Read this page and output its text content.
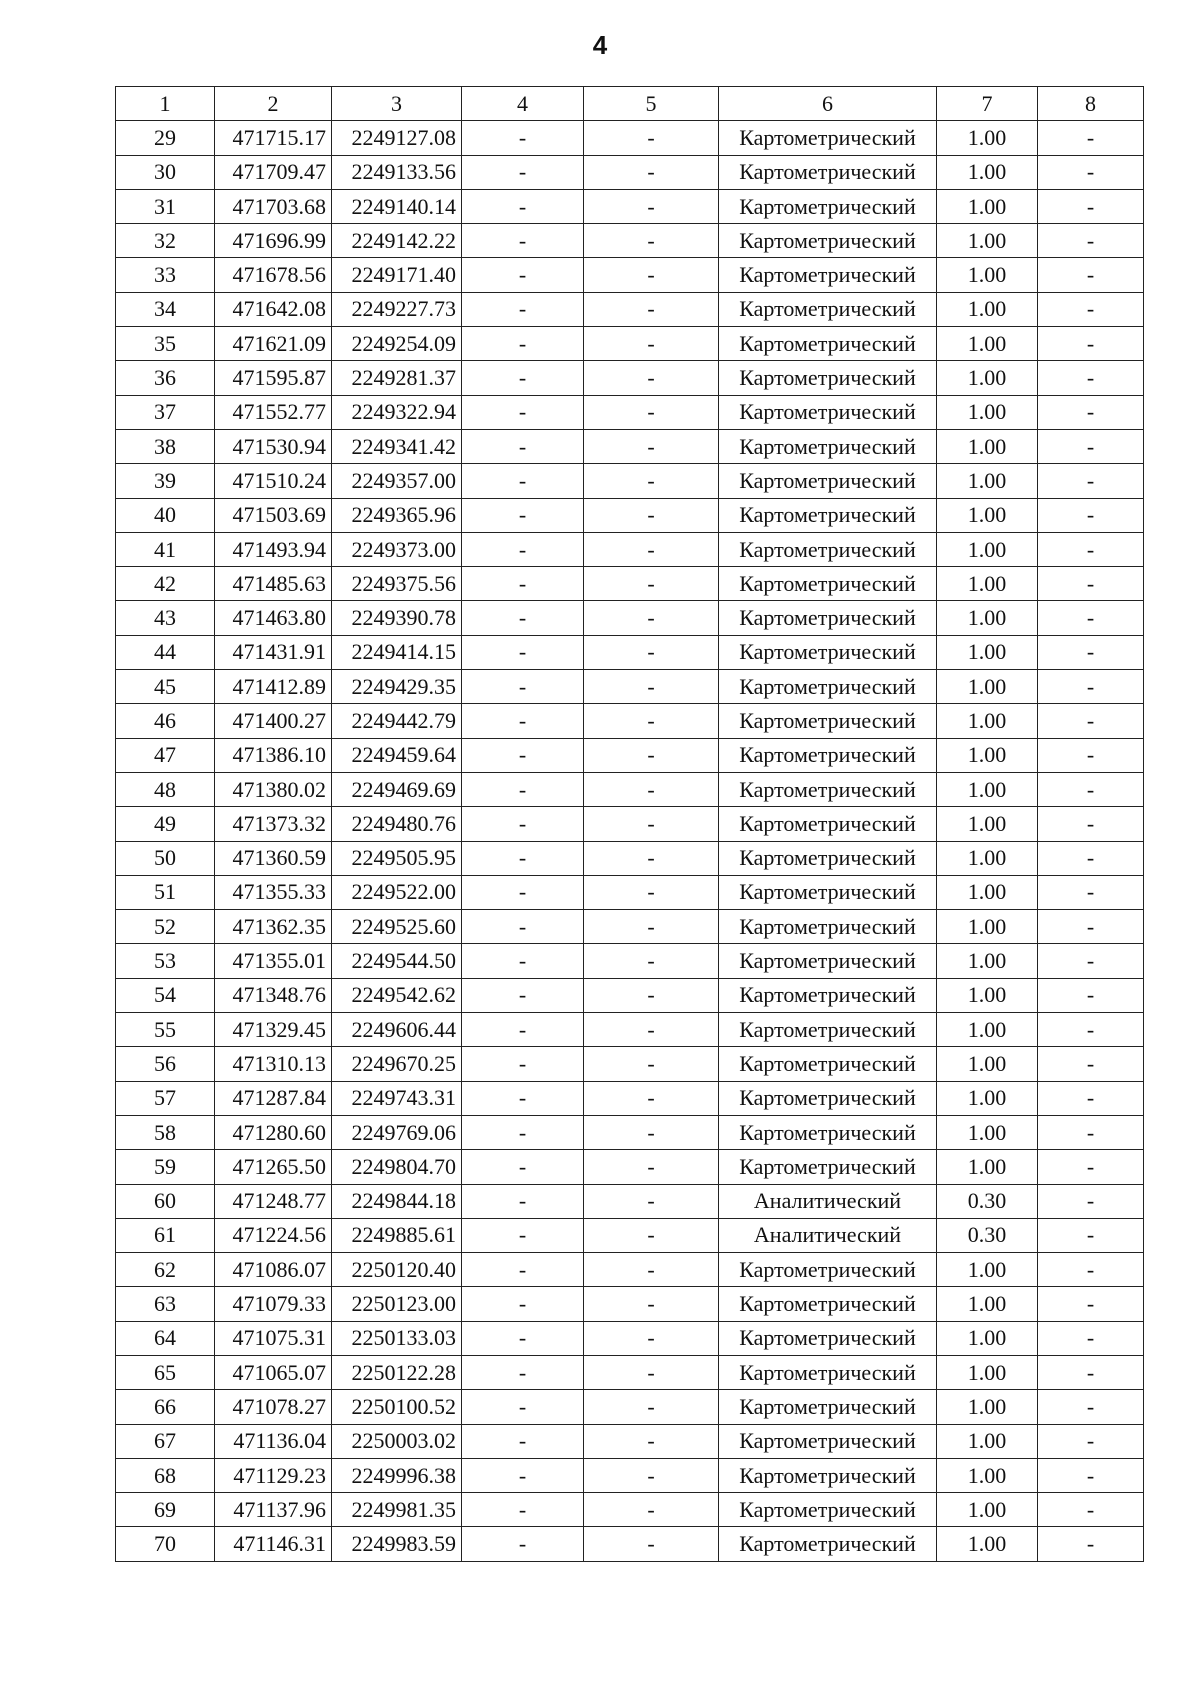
4
1	2	3	4	5	6	7	8
29	471715.17	2249127.08	-	-	Картометрический	1.00	-
30	471709.47	2249133.56	-	-	Картометрический	1.00	-
31	471703.68	2249140.14	-	-	Картометрический	1.00	-
32	471696.99	2249142.22	-	-	Картометрический	1.00	-
33	471678.56	2249171.40	-	-	Картометрический	1.00	-
34	471642.08	2249227.73	-	-	Картометрический	1.00	-
35	471621.09	2249254.09	-	-	Картометрический	1.00	-
36	471595.87	2249281.37	-	-	Картометрический	1.00	-
37	471552.77	2249322.94	-	-	Картометрический	1.00	-
38	471530.94	2249341.42	-	-	Картометрический	1.00	-
39	471510.24	2249357.00	-	-	Картометрический	1.00	-
40	471503.69	2249365.96	-	-	Картометрический	1.00	-
41	471493.94	2249373.00	-	-	Картометрический	1.00	-
42	471485.63	2249375.56	-	-	Картометрический	1.00	-
43	471463.80	2249390.78	-	-	Картометрический	1.00	-
44	471431.91	2249414.15	-	-	Картометрический	1.00	-
45	471412.89	2249429.35	-	-	Картометрический	1.00	-
46	471400.27	2249442.79	-	-	Картометрический	1.00	-
47	471386.10	2249459.64	-	-	Картометрический	1.00	-
48	471380.02	2249469.69	-	-	Картометрический	1.00	-
49	471373.32	2249480.76	-	-	Картометрический	1.00	-
50	471360.59	2249505.95	-	-	Картометрический	1.00	-
51	471355.33	2249522.00	-	-	Картометрический	1.00	-
52	471362.35	2249525.60	-	-	Картометрический	1.00	-
53	471355.01	2249544.50	-	-	Картометрический	1.00	-
54	471348.76	2249542.62	-	-	Картометрический	1.00	-
55	471329.45	2249606.44	-	-	Картометрический	1.00	-
56	471310.13	2249670.25	-	-	Картометрический	1.00	-
57	471287.84	2249743.31	-	-	Картометрический	1.00	-
58	471280.60	2249769.06	-	-	Картометрический	1.00	-
59	471265.50	2249804.70	-	-	Картометрический	1.00	-
60	471248.77	2249844.18	-	-	Аналитический	0.30	-
61	471224.56	2249885.61	-	-	Аналитический	0.30	-
62	471086.07	2250120.40	-	-	Картометрический	1.00	-
63	471079.33	2250123.00	-	-	Картометрический	1.00	-
64	471075.31	2250133.03	-	-	Картометрический	1.00	-
65	471065.07	2250122.28	-	-	Картометрический	1.00	-
66	471078.27	2250100.52	-	-	Картометрический	1.00	-
67	471136.04	2250003.02	-	-	Картометрический	1.00	-
68	471129.23	2249996.38	-	-	Картометрический	1.00	-
69	471137.96	2249981.35	-	-	Картометрический	1.00	-
70	471146.31	2249983.59	-	-	Картометрический	1.00	-
